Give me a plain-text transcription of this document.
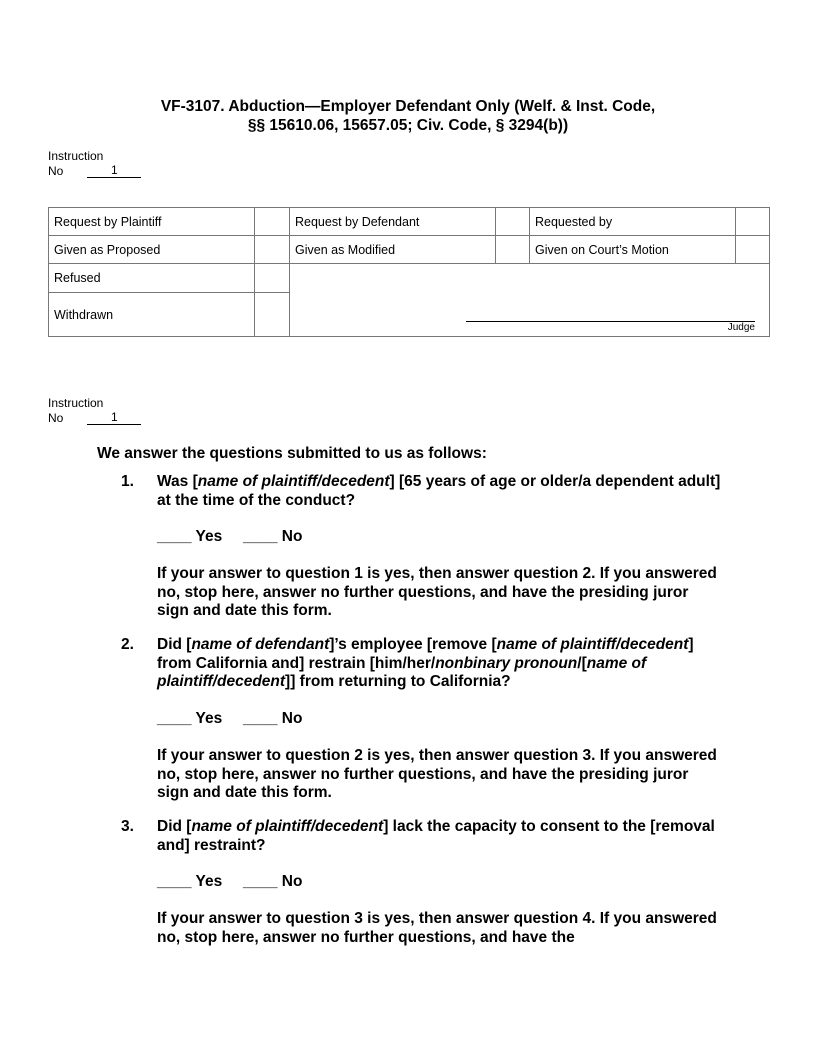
VF-3107. Abduction—Employer Defendant Only (Welf. & Inst. Code,
§§ 15610.06, 15657.05; Civ. Code, § 3294(b))
Instruction
No	1
Request by Plaintiff		Request by Defendant		Requested by	
Given as Proposed		Given as Modified		Given on Court’s Motion	
Refused		Judge			

Withdrawn					
Instruction
No	1
We answer the questions submitted to us as follows:
1. Was [name of plaintiff/decedent] [65 years of age or older/a dependent adult] at the time of the conduct?
____ Yes ____ No
If your answer to question 1 is yes, then answer question 2. If you answered no, stop here, answer no further questions, and have the presiding juror sign and date this form.
2. Did [name of defendant]’s employee [remove [name of plaintiff/decedent] from California and] restrain [him/her/nonbinary pronoun/[name of plaintiff/decedent]] from returning to California?
____ Yes ____ No
If your answer to question 2 is yes, then answer question 3. If you answered no, stop here, answer no further questions, and have the presiding juror sign and date this form.
3. Did [name of plaintiff/decedent] lack the capacity to consent to the [removal and] restraint?
____ Yes ____ No
If your answer to question 3 is yes, then answer question 4. If you answered no, stop here, answer no further questions, and have the
